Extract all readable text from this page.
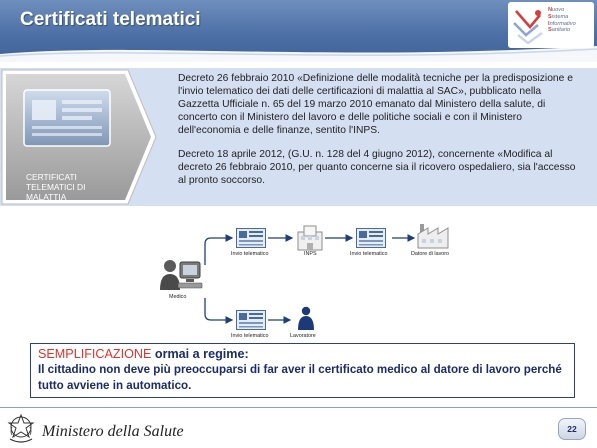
Certificati telematici	Nuovo
Sistema
Informativo
Sanitario
CERTIFICATI
TELEMATICI DI
MALATTIA

Decreto 26 febbraio 2010 «Definizione delle modalità tecniche per la predisposizione e l'invio telematico dei dati delle certificazioni di malattia al SAC», pubblicato nella Gazzetta Ufficiale n. 65 del 19 marzo 2010 emanato dal Ministero della salute, di concerto con il Ministero del lavoro e delle politiche sociali e con il Ministero dell'economia e delle finanze, sentito l'INPS.

Decreto 18 aprile 2012, (G.U. n. 128 del 4 giugno 2012), concernente «Modifica al decreto 26 febbraio 2010, per quanto concerne sia il ricovero ospedaliero, sia l'accesso al pronto soccorso.

Medico
Invio telematico	INPS	Invio telematico	Datore di lavoro
Invio telematico	Lavoratore
SEMPLIFICAZIONE ormai a regime:
Il cittadino non deve più preoccuparsi di far aver il certificato medico al datore di lavoro perché tutto avviene in automatico.
Ministero della Salute	22
